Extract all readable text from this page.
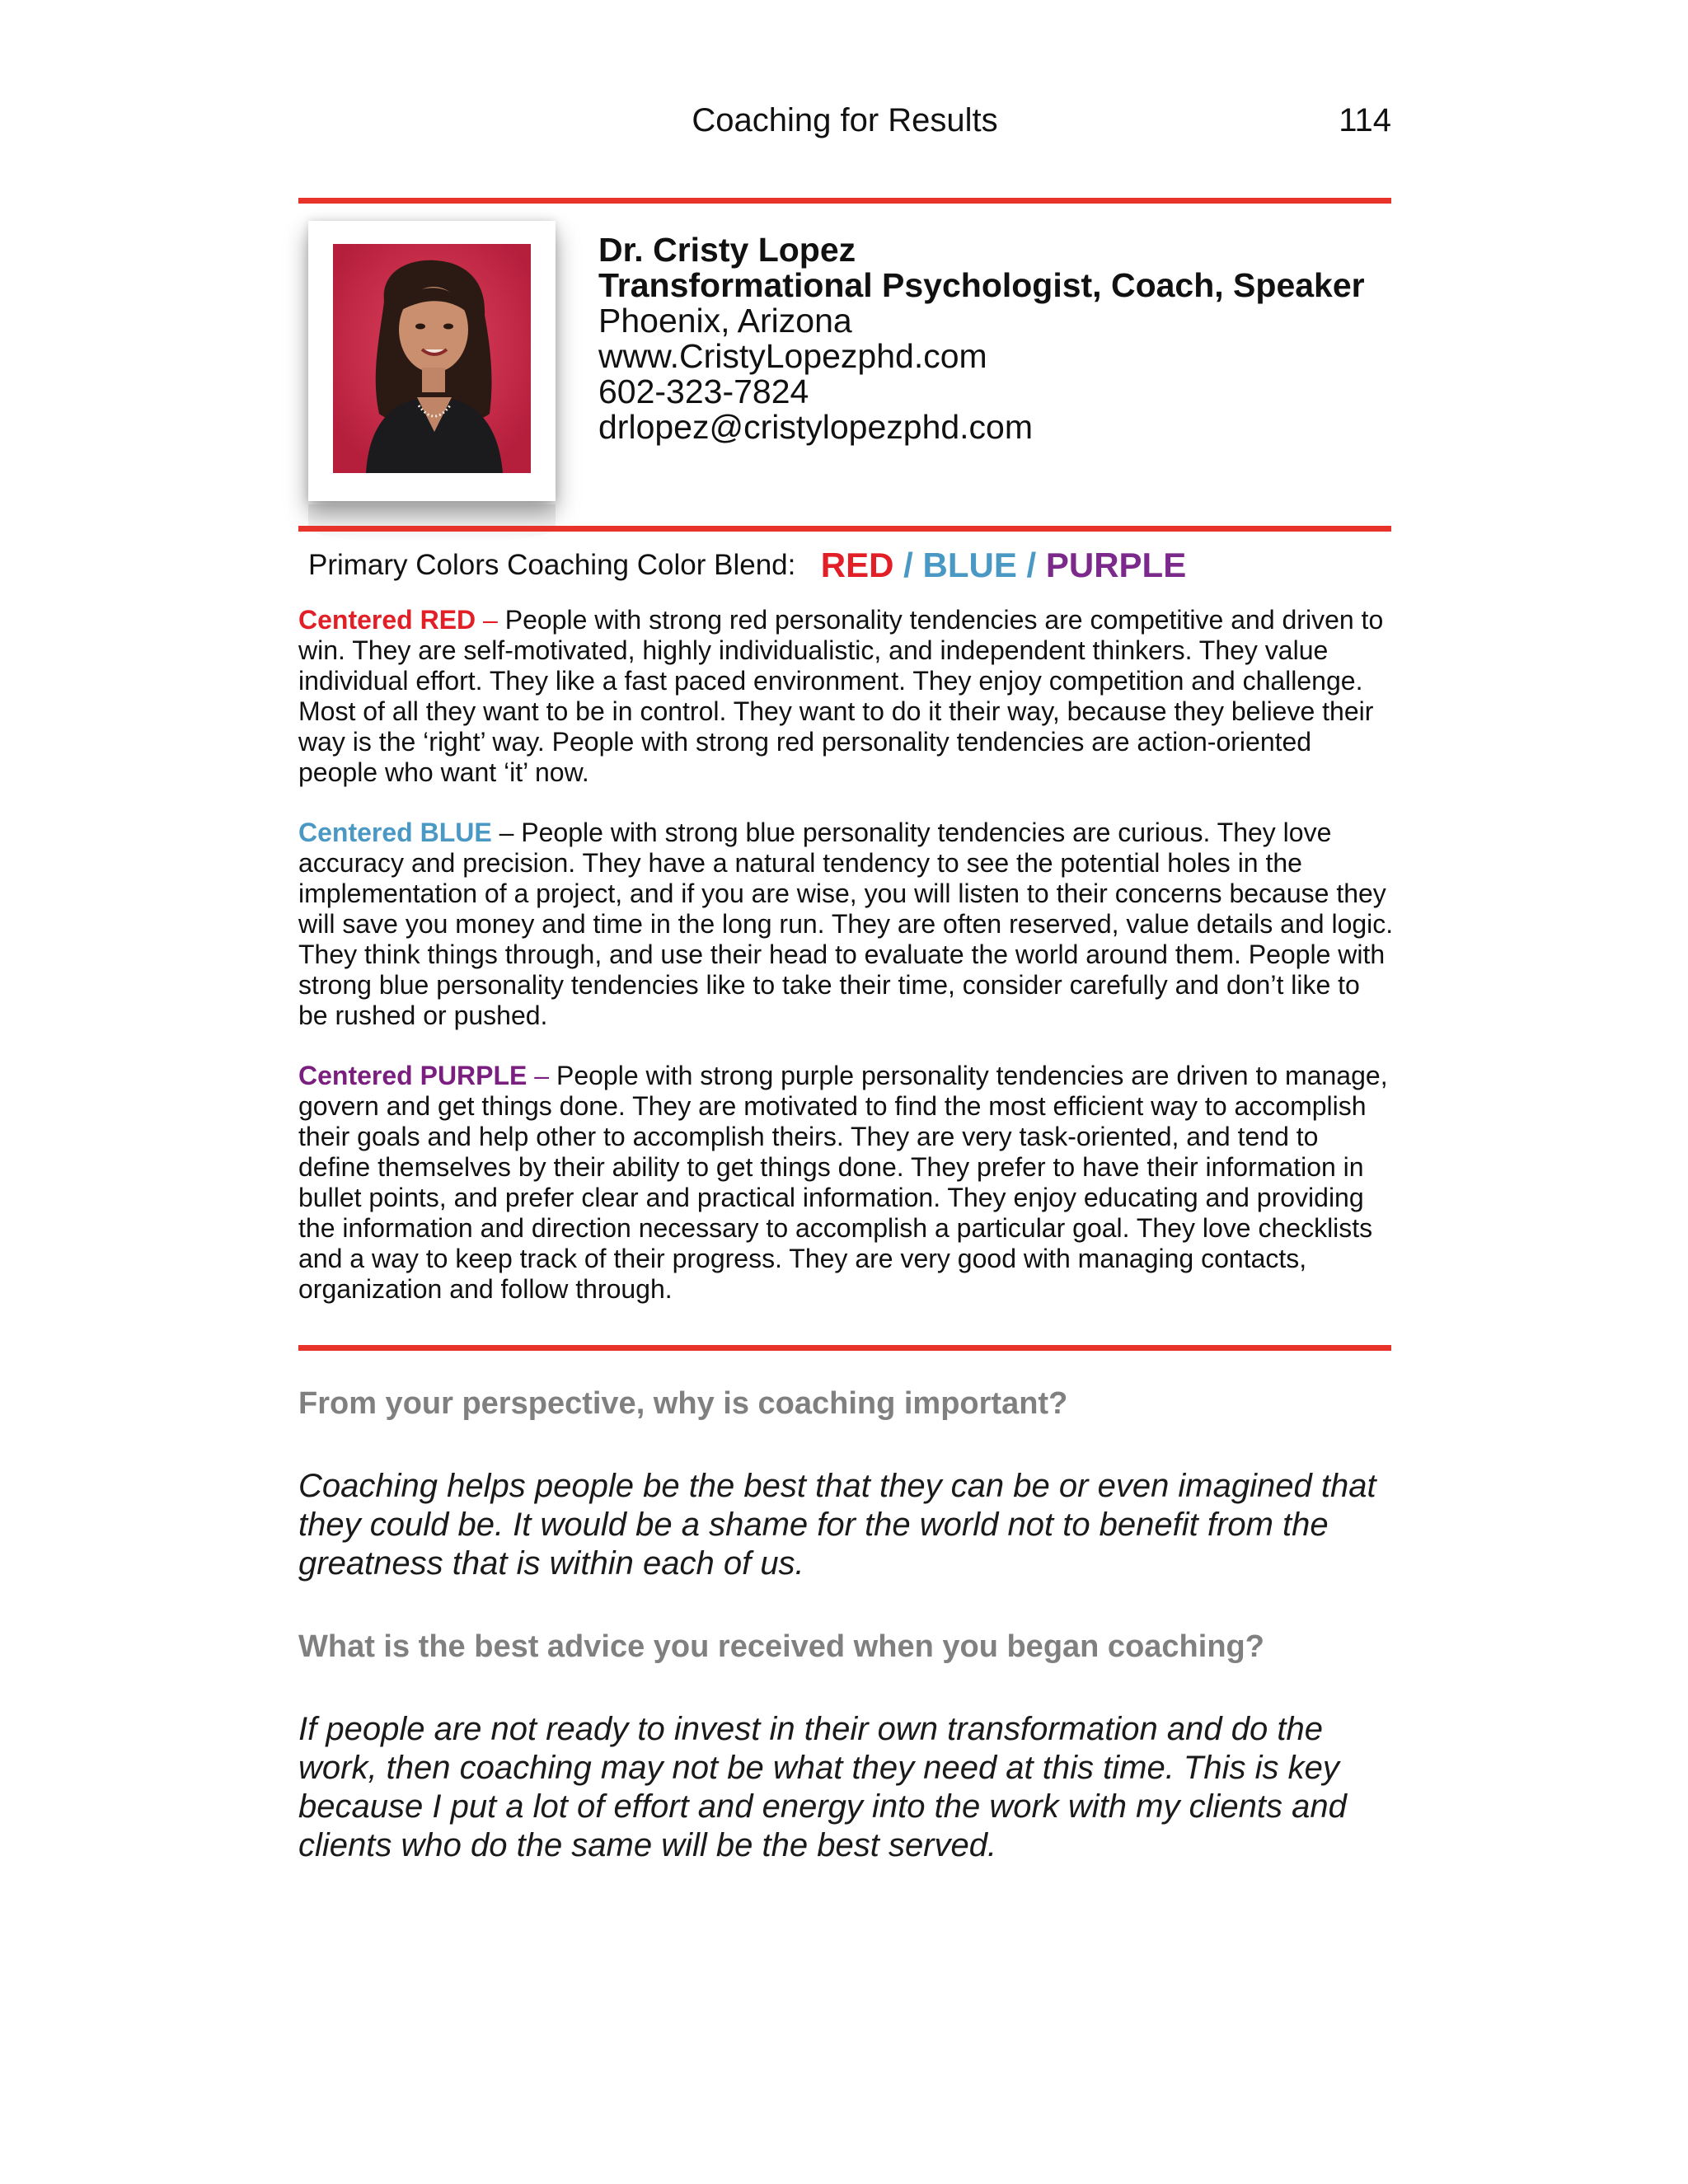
Coaching for Results	114
Dr. Cristy Lopez
Transformational Psychologist, Coach, Speaker
Phoenix, Arizona
www.CristyLopezphd.com
602-323-7824
drlopez@cristylopezphd.com
Primary Colors Coaching Color Blend: RED / BLUE / PURPLE
Centered RED – People with strong red personality tendencies are competitive and driven to win. They are self-motivated, highly individualistic, and independent thinkers. They value individual effort. They like a fast paced environment. They enjoy competition and challenge. Most of all they want to be in control. They want to do it their way, because they believe their way is the ‘right’ way. People with strong red personality tendencies are action-oriented people who want ‘it’ now.
Centered BLUE – People with strong blue personality tendencies are curious. They love accuracy and precision. They have a natural tendency to see the potential holes in the implementation of a project, and if you are wise, you will listen to their concerns because they will save you money and time in the long run. They are often reserved, value details and logic. They think things through, and use their head to evaluate the world around them. People with strong blue personality tendencies like to take their time, consider carefully and don’t like to be rushed or pushed.
Centered PURPLE – People with strong purple personality tendencies are driven to manage, govern and get things done. They are motivated to find the most efficient way to accomplish their goals and help other to accomplish theirs. They are very task-oriented, and tend to define themselves by their ability to get things done. They prefer to have their information in bullet points, and prefer clear and practical information. They enjoy educating and providing the information and direction necessary to accomplish a particular goal. They love checklists and a way to keep track of their progress. They are very good with managing contacts, organization and follow through.
From your perspective, why is coaching important?
Coaching helps people be the best that they can be or even imagined that they could be. It would be a shame for the world not to benefit from the greatness that is within each of us.
What is the best advice you received when you began coaching?
If people are not ready to invest in their own transformation and do the work, then coaching may not be what they need at this time. This is key because I put a lot of effort and energy into the work with my clients and clients who do the same will be the best served.
